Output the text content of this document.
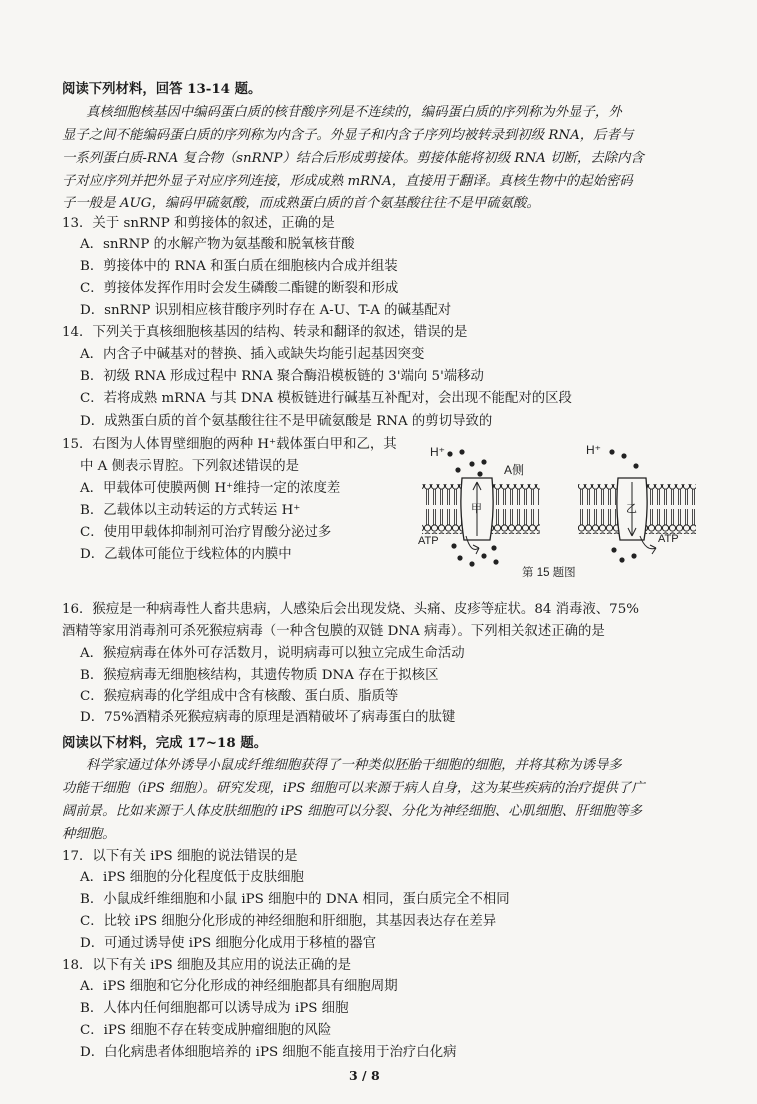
阅读下列材料，回答 13-14 题。
真核细胞核基因中编码蛋白质的核苷酸序列是不连续的，编码蛋白质的序列称为外显子，外
显子之间不能编码蛋白质的序列称为内含子。外显子和内含子序列均被转录到初级 RNA，后者与
一系列蛋白质-RNA 复合物（snRNP）结合后形成剪接体。剪接体能将初级 RNA 切断，去除内含
子对应序列并把外显子对应序列连接，形成成熟 mRNA，直接用于翻译。真核生物中的起始密码
子一般是 AUG，编码甲硫氨酸，而成熟蛋白质的首个氨基酸往往不是甲硫氨酸。
13．关于 snRNP 和剪接体的叙述，正确的是
A．snRNP 的水解产物为氨基酸和脱氧核苷酸
B．剪接体中的 RNA 和蛋白质在细胞核内合成并组装
C．剪接体发挥作用时会发生磷酸二酯键的断裂和形成
D．snRNP 识别相应核苷酸序列时存在 A-U、T-A 的碱基配对
14．下列关于真核细胞核基因的结构、转录和翻译的叙述，错误的是
A．内含子中碱基对的替换、插入或缺失均能引起基因突变
B．初级 RNA 形成过程中 RNA 聚合酶沿模板链的 3'端向 5'端移动
C．若将成熟 mRNA 与其 DNA 模板链进行碱基互补配对，会出现不能配对的区段
D．成熟蛋白质的首个氨基酸往往不是甲硫氨酸是 RNA 的剪切导致的
15．右图为人体胃壁细胞的两种 H⁺载体蛋白甲和乙，其
中 A 侧表示胃腔。下列叙述错误的是
A．甲载体可使膜两侧 H⁺维持一定的浓度差
B．乙载体以主动转运的方式转运 H⁺
C．使用甲载体抑制剂可治疗胃酸分泌过多
D．乙载体可能位于线粒体的内膜中
H⁺
A侧
甲
ATP
H⁺
乙
ATP
第 15 题图
16．猴痘是一种病毒性人畜共患病，人感染后会出现发烧、头痛、皮疹等症状。84 消毒液、75%
酒精等家用消毒剂可杀死猴痘病毒（一种含包膜的双链 DNA 病毒）。下列相关叙述正确的是
A．猴痘病毒在体外可存活数月，说明病毒可以独立完成生命活动
B．猴痘病毒无细胞核结构，其遗传物质 DNA 存在于拟核区
C．猴痘病毒的化学组成中含有核酸、蛋白质、脂质等
D．75%酒精杀死猴痘病毒的原理是酒精破坏了病毒蛋白的肽键
阅读以下材料，完成 17~18 题。
科学家通过体外诱导小鼠成纤维细胞获得了一种类似胚胎干细胞的细胞，并将其称为诱导多
功能干细胞（iPS 细胞）。研究发现，iPS 细胞可以来源于病人自身，这为某些疾病的治疗提供了广
阔前景。比如来源于人体皮肤细胞的 iPS 细胞可以分裂、分化为神经细胞、心肌细胞、肝细胞等多
种细胞。
17．以下有关 iPS 细胞的说法错误的是
A．iPS 细胞的分化程度低于皮肤细胞
B．小鼠成纤维细胞和小鼠 iPS 细胞中的 DNA 相同，蛋白质完全不相同
C．比较 iPS 细胞分化形成的神经细胞和肝细胞，其基因表达存在差异
D．可通过诱导使 iPS 细胞分化成用于移植的器官
18．以下有关 iPS 细胞及其应用的说法正确的是
A．iPS 细胞和它分化形成的神经细胞都具有细胞周期
B．人体内任何细胞都可以诱导成为 iPS 细胞
C．iPS 细胞不存在转变成肿瘤细胞的风险
D．白化病患者体细胞培养的 iPS 细胞不能直接用于治疗白化病
3 / 8
